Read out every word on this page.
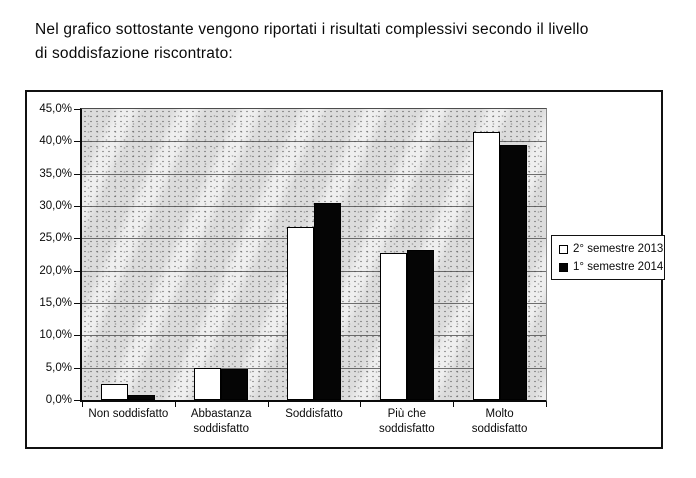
Nel grafico sottostante vengono riportati i risultati complessivi secondo il livello
di soddisfazione riscontrato:
45,0%
40,0%
35,0%
30,0%
25,0%
20,0%
15,0%
10,0%
5,0%
0,0%
Non soddisfatto	Abbastanza
soddisfatto
Soddisfatto	Più che
soddisfatto
Molto
soddisfatto
2° semestre 2013
1° semestre 2014
